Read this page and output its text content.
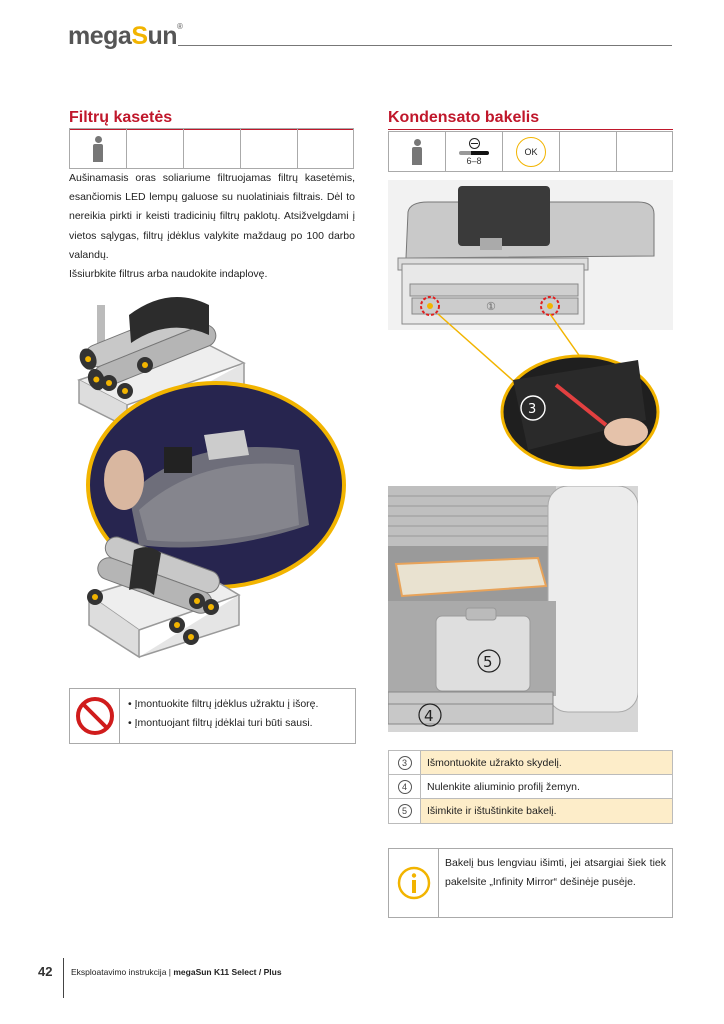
megaSun®
Filtrų kasetės

Aušinamasis oras soliariume filtruojamas filtrų kasetėmis, esančiomis LED lempų galuose su nuolatiniais filtrais. Dėl to nereikia pirkti ir keisti tradicinių filtrų paklotų. Atsižvelgdami į vietos sąlygas, filtrų įdėklus valykite maždaug po 100 darbo valandų.

Išsiurbkite filtrus arba naudokite indaplovę.

• Įmontuokite filtrų įdėklus užraktu į išorę.
• Įmontuojant filtrų įdėklai turi būti sausi.
Kondensato bakelis
6–8
OK
①
3
5
4
3	Išmontuokite užrakto skydelį.
4	Nulenkite aliuminio profilį žemyn.
5	Išimkite ir ištuštinkite bakelį.
Bakelį bus lengviau išimti, jei atsargiai šiek tiek pakelsite „Infinity Mirror“ dešinėje pusėje.
42 Eksploatavimo instrukcija | megaSun K11 Select / Plus
